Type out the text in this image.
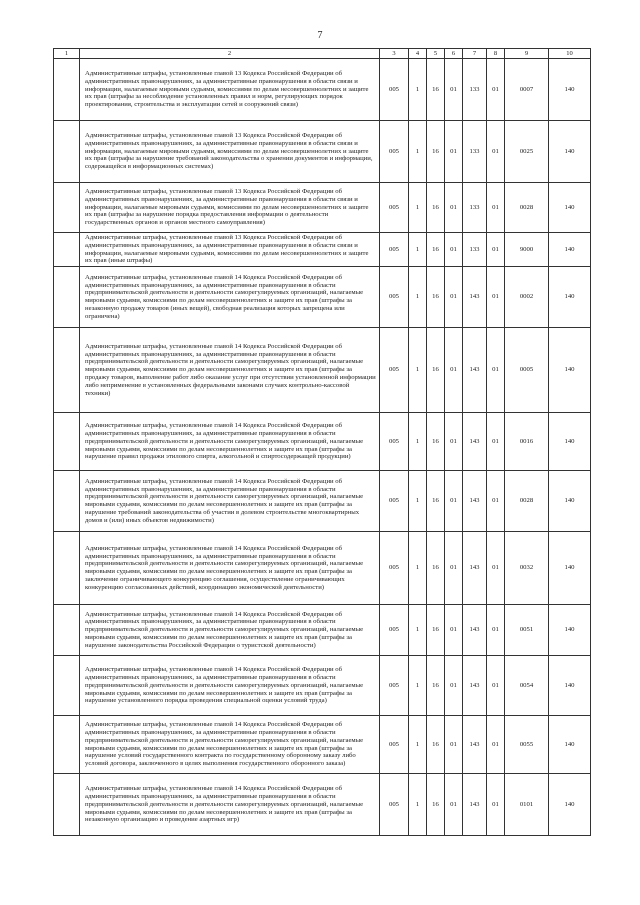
7
1	2	3	4	5	6	7	8	9	10
	Административные штрафы, установленные главой 13 Кодекса Российской Федерации об административных правонарушениях, за административные правонарушения в области связи и информации, налагаемые мировыми судьями, комиссиями по делам несовершеннолетних и защите их прав (штрафы за несоблюдение установленных правил и норм, регулирующих порядок проектирования, строительства и эксплуатации сетей и сооружений связи)	005	1	16	01	133	01	0007	140
	Административные штрафы, установленные главой 13 Кодекса Российской Федерации об административных правонарушениях, за административные правонарушения в области связи и информации, налагаемые мировыми судьями, комиссиями по делам несовершеннолетних и защите их прав (штрафы за нарушение требований законодательства о хранении документов и информации, содержащейся в информационных системах)	005	1	16	01	133	01	0025	140
	Административные штрафы, установленные главой 13 Кодекса Российской Федерации об административных правонарушениях, за административные правонарушения в области связи и информации, налагаемые мировыми судьями, комиссиями по делам несовершеннолетних и защите их прав (штрафы за нарушение порядка предоставления информации о деятельности государственных органов и органов местного самоуправления)	005	1	16	01	133	01	0028	140
	Административные штрафы, установленные главой 13 Кодекса Российской Федерации об административных правонарушениях, за административные правонарушения в области связи и информации, налагаемые мировыми судьями, комиссиями по делам несовершеннолетних и защите их прав (иные штрафы)	005	1	16	01	133	01	9000	140
	Административные штрафы, установленные главой 14 Кодекса Российской Федерации об административных правонарушениях, за административные правонарушения в области предпринимательской деятельности и деятельности саморегулируемых организаций, налагаемые мировыми судьями, комиссиями по делам несовершеннолетних и защите их прав (штрафы за незаконную продажу товаров (иных вещей), свободная реализация которых запрещена или ограничена)	005	1	16	01	143	01	0002	140
	Административные штрафы, установленные главой 14 Кодекса Российской Федерации об административных правонарушениях, за административные правонарушения в области предпринимательской деятельности и деятельности саморегулируемых организаций, налагаемые мировыми судьями, комиссиями по делам несовершеннолетних и защите их прав (штрафы за продажу товаров, выполнение работ либо оказание услуг при отсутствии установленной информации либо неприменение в установленных федеральными законами случаях контрольно-кассовой техники)	005	1	16	01	143	01	0005	140
	Административные штрафы, установленные главой 14 Кодекса Российской Федерации об административных правонарушениях, за административные правонарушения в области предпринимательской деятельности и деятельности саморегулируемых организаций, налагаемые мировыми судьями, комиссиями по делам несовершеннолетних и защите их прав (штрафы за нарушение правил продажи этилового спирта, алкогольной и спиртосодержащей продукции)	005	1	16	01	143	01	0016	140
	Административные штрафы, установленные главой 14 Кодекса Российской Федерации об административных правонарушениях, за административные правонарушения в области предпринимательской деятельности и деятельности саморегулируемых организаций, налагаемые мировыми судьями, комиссиями по делам несовершеннолетних и защите их прав (штрафы за нарушение требований законодательства об участии в долевом строительстве многоквартирных домов и (или) иных объектов недвижимости)	005	1	16	01	143	01	0028	140
	Административные штрафы, установленные главой 14 Кодекса Российской Федерации об административных правонарушениях, за административные правонарушения в области предпринимательской деятельности и деятельности саморегулируемых организаций, налагаемые мировыми судьями, комиссиями по делам несовершеннолетних и защите их прав (штрафы за заключение ограничивающего конкуренцию соглашения, осуществление ограничивающих конкуренцию согласованных действий, координацию экономической деятельности)	005	1	16	01	143	01	0032	140
	Административные штрафы, установленные главой 14 Кодекса Российской Федерации об административных правонарушениях, за административные правонарушения в области предпринимательской деятельности и деятельности саморегулируемых организаций, налагаемые мировыми судьями, комиссиями по делам несовершеннолетних и защите их прав (штрафы за нарушение законодательства Российской Федерации о туристской деятельности)	005	1	16	01	143	01	0051	140
	Административные штрафы, установленные главой 14 Кодекса Российской Федерации об административных правонарушениях, за административные правонарушения в области предпринимательской деятельности и деятельности саморегулируемых организаций, налагаемые мировыми судьями, комиссиями по делам несовершеннолетних и защите их прав (штрафы за нарушение установленного порядка проведения специальной оценки условий труда)	005	1	16	01	143	01	0054	140
	Административные штрафы, установленные главой 14 Кодекса Российской Федерации об административных правонарушениях, за административные правонарушения в области предпринимательской деятельности и деятельности саморегулируемых организаций, налагаемые мировыми судьями, комиссиями по делам несовершеннолетних и защите их прав (штрафы за нарушение условий государственного контракта по государственному оборонному заказу либо условий договора, заключенного в целях выполнения государственного оборонного заказа)	005	1	16	01	143	01	0055	140
	Административные штрафы, установленные главой 14 Кодекса Российской Федерации об административных правонарушениях, за административные правонарушения в области предпринимательской деятельности и деятельности саморегулируемых организаций, налагаемые мировыми судьями, комиссиями по делам несовершеннолетних и защите их прав (штрафы за незаконную организацию и проведение азартных игр)	005	1	16	01	143	01	0101	140
